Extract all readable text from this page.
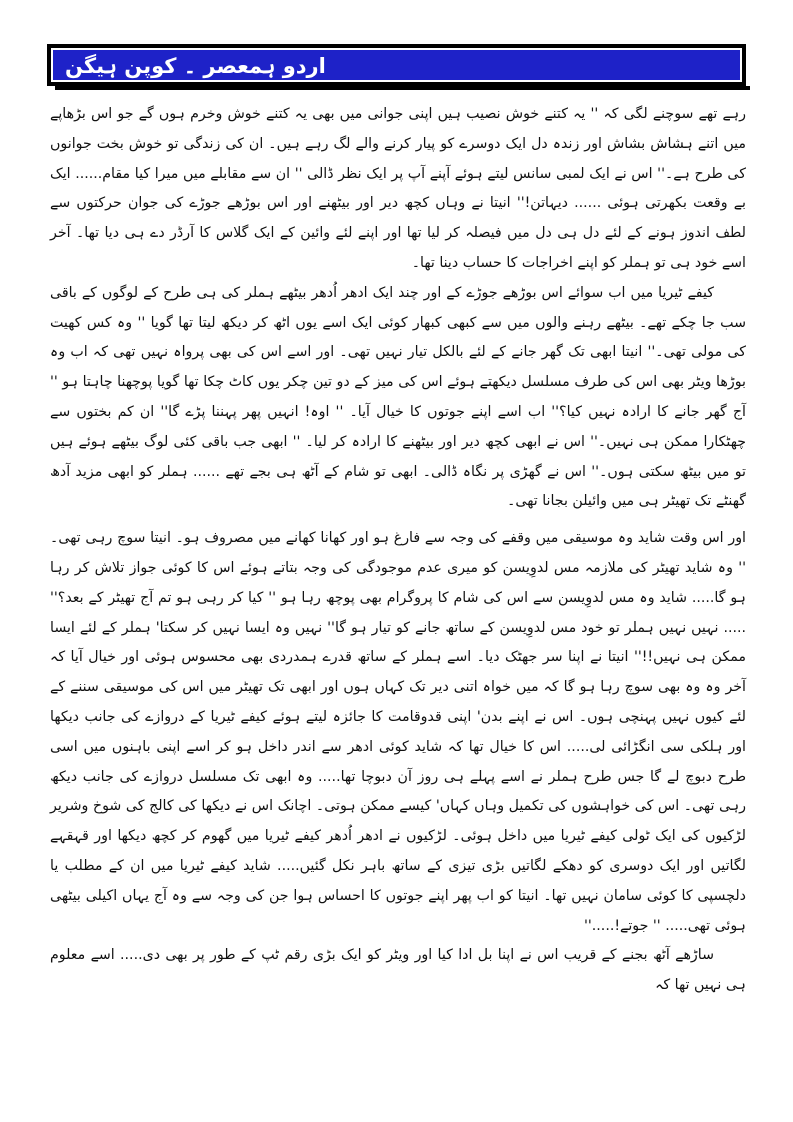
اردو ہمعصر ۔ کوپن ہیگن

رہے تھے سوچنے لگی کہ '' یہ کتنے خوش نصیب ہیں اپنی جوانی میں بھی یہ کتنے خوش وخرم ہوں گے جو اس بڑھاپے میں اتنے ہشاش بشاش اور زندہ دل ایک دوسرے کو پیار کرنے والے لگ رہے ہیں۔ ان کی زندگی تو خوش بخت جوانوں کی طرح ہے۔'' اس نے ایک لمبی سانس لیتے ہوئے آپنے آپ پر ایک نظر ڈالی '' ان سے مقابلے میں میرا کیا مقام...... ایک بے وقعت بکھرتی ہوئی ...... دیہاتن!'' انیتا نے وہاں کچھ دیر اور بیٹھنے اور اس بوڑھے جوڑے کی جوان حرکتوں سے لطف اندوز ہونے کے لئے دل ہی دل میں فیصلہ کر لیا تھا اور اپنے لئے وائین کے ایک گلاس کا آرڈر دے ہی دیا تھا۔ آخر اسے خود ہی تو ہملر کو اپنے اخراجات کا حساب دینا تھا۔

کیفے ٹیریا میں اب سوائے اس بوڑھے جوڑے کے اور چند ایک ادھر اُدھر بیٹھے ہملر کی ہی طرح کے لوگوں کے باقی سب جا چکے تھے۔ بیٹھے رہنے والوں میں سے کبھی کبھار کوئی ایک اسے یوں اٹھ کر دیکھ لیتا تھا گویا '' وہ کس کھیت کی مولی تھی۔'' انیتا ابھی تک گھر جانے کے لئے بالکل تیار نہیں تھی۔ اور اسے اس کی بھی پرواہ نہیں تھی کہ اب وہ بوڑھا ویٹر بھی اس کی طرف مسلسل دیکھتے ہوئے اس کی میز کے دو تین چکر یوں کاٹ چکا تھا گویا پوچھنا چاہتا ہو '' آج گھر جانے کا ارادہ نہیں کیا؟'' اب اسے اپنے جوتوں کا خیال آیا۔ '' اوہ! انہیں پھر پہننا پڑے گا'' ان کم بختوں سے چھٹکارا ممکن ہی نہیں۔'' اس نے ابھی کچھ دیر اور بیٹھنے کا ارادہ کر لیا۔ '' ابھی جب باقی کئی لوگ بیٹھے ہوئے ہیں تو میں بیٹھ سکتی ہوں۔'' اس نے گھڑی پر نگاہ ڈالی۔ ابھی تو شام کے آٹھ ہی بجے تھے ...... ہملر کو ابھی مزید آدھ گھنٹے تک تھیٹر ہی میں وائیلن بجانا تھی۔

اور اس وقت شاید وہ موسیقی میں وقفے کی وجہ سے فارغ ہو اور کھانا کھانے میں مصروف ہو۔ انیتا سوچ رہی تھی۔ '' وہ شاید تھیٹر کی ملازمہ مس لدوِیسن کو میری عدم موجودگی کی وجہ بتاتے ہوئے اس کا کوئی جواز تلاش کر رہا ہو گا..... شاید وہ مس لدوِیسن سے اس کی شام کا پروگرام بھی پوچھ رہا ہو '' کیا کر رہی ہو تم آج تھیٹر کے بعد؟'' ..... نہیں نہیں ہملر تو خود مس لدوِیسن کے ساتھ جانے کو تیار ہو گا'' نہیں وہ ایسا نہیں کر سکتا' ہملر کے لئے ایسا ممکن ہی نہیں!!'' انیتا نے اپنا سر جھٹک دیا۔ اسے ہملر کے ساتھ قدرے ہمدردی بھی محسوس ہوئی اور خیال آیا کہ آخر وہ وہ بھی سوچ رہا ہو گا کہ میں خواہ اتنی دیر تک کہاں ہوں اور ابھی تک تھیٹر میں اس کی موسیقی سننے کے لئے کیوں نہیں پہنچی ہوں۔ اس نے اپنے بدن' اپنی قدوقامت کا جائزہ لیتے ہوئے کیفے ٹیریا کے دروازے کی جانب دیکھا اور ہلکی سی انگڑائی لی..... اس کا خیال تھا کہ شاید کوئی ادھر سے اندر داخل ہو کر اسے اپنی باہنوں میں اسی طرح دبوچ لے گا جس طرح ہملر نے اسے پہلے ہی روز آن دبوچا تھا..... وہ ابھی تک مسلسل دروازے کی جانب دیکھ رہی تھی۔ اس کی خواہشوں کی تکمیل وہاں کہاں' کیسے ممکن ہوتی۔ اچانک اس نے دیکھا کی کالج کی شوخ وشریر لڑکیوں کی ایک ٹولی کیفے ٹیریا میں داخل ہوئی۔ لڑکیوں نے ادھر اُدھر کیفے ٹیریا میں گھوم کر کچھ دیکھا اور قہقہے لگاتیں اور ایک دوسری کو دھکے لگاتیں بڑی تیزی کے ساتھ باہر نکل گئیں..... شاید کیفے ٹیریا میں ان کے مطلب یا دلچسپی کا کوئی سامان نہیں تھا۔ انیتا کو اب پھر اپنے جوتوں کا احساس ہوا جن کی وجہ سے وہ آج یہاں اکیلی بیٹھی ہوئی تھی..... '' جوتے!.....''

ساڑھے آٹھ بجنے کے قریب اس نے اپنا بل ادا کیا اور ویٹر کو ایک بڑی رقم ٹپ کے طور پر بھی دی..... اسے معلوم ہی نہیں تھا کہ
